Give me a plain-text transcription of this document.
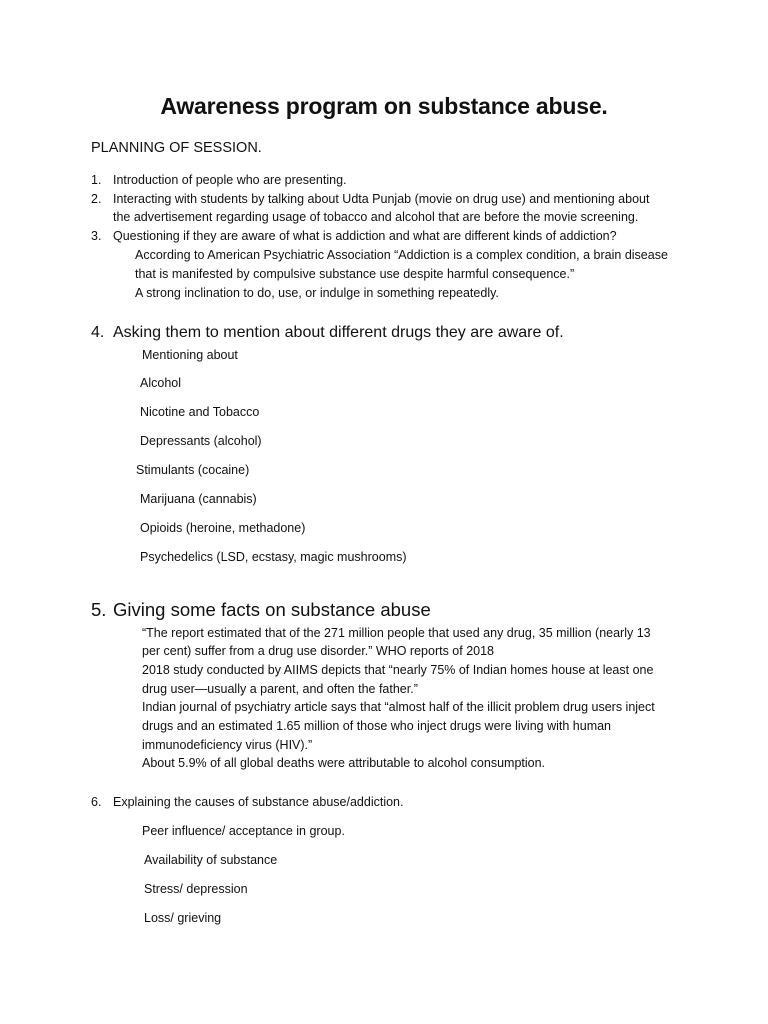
Awareness program on substance abuse.
PLANNING OF SESSION.
1. Introduction of people who are presenting.
2. Interacting with students by talking about Udta Punjab (movie on drug use) and mentioning about
the advertisement regarding usage of tobacco and alcohol that are before the movie screening.
3. Questioning if they are aware of what is addiction and what are different kinds of addiction?
According to American Psychiatric Association “Addiction is a complex condition, a brain disease
that is manifested by compulsive substance use despite harmful consequence.”
A strong inclination to do, use, or indulge in something repeatedly.
4. Asking them to mention about different drugs they are aware of.
Mentioning about
Alcohol
Nicotine and Tobacco
Depressants (alcohol)
Stimulants (cocaine)
Marijuana (cannabis)
Opioids (heroine, methadone)
Psychedelics (LSD, ecstasy, magic mushrooms)
5. Giving some facts on substance abuse
“The report estimated that of the 271 million people that used any drug, 35 million (nearly 13
per cent) suffer from a drug use disorder.” WHO reports of 2018
2018 study conducted by AIIMS depicts that “nearly 75% of Indian homes house at least one
drug user—usually a parent, and often the father.”
Indian journal of psychiatry article says that “almost half of the illicit problem drug users inject
drugs and an estimated 1.65 million of those who inject drugs were living with human
immunodeficiency virus (HIV).”
About 5.9% of all global deaths were attributable to alcohol consumption.
6. Explaining the causes of substance abuse/addiction.
Peer influence/ acceptance in group.
Availability of substance
Stress/ depression
Loss/ grieving
